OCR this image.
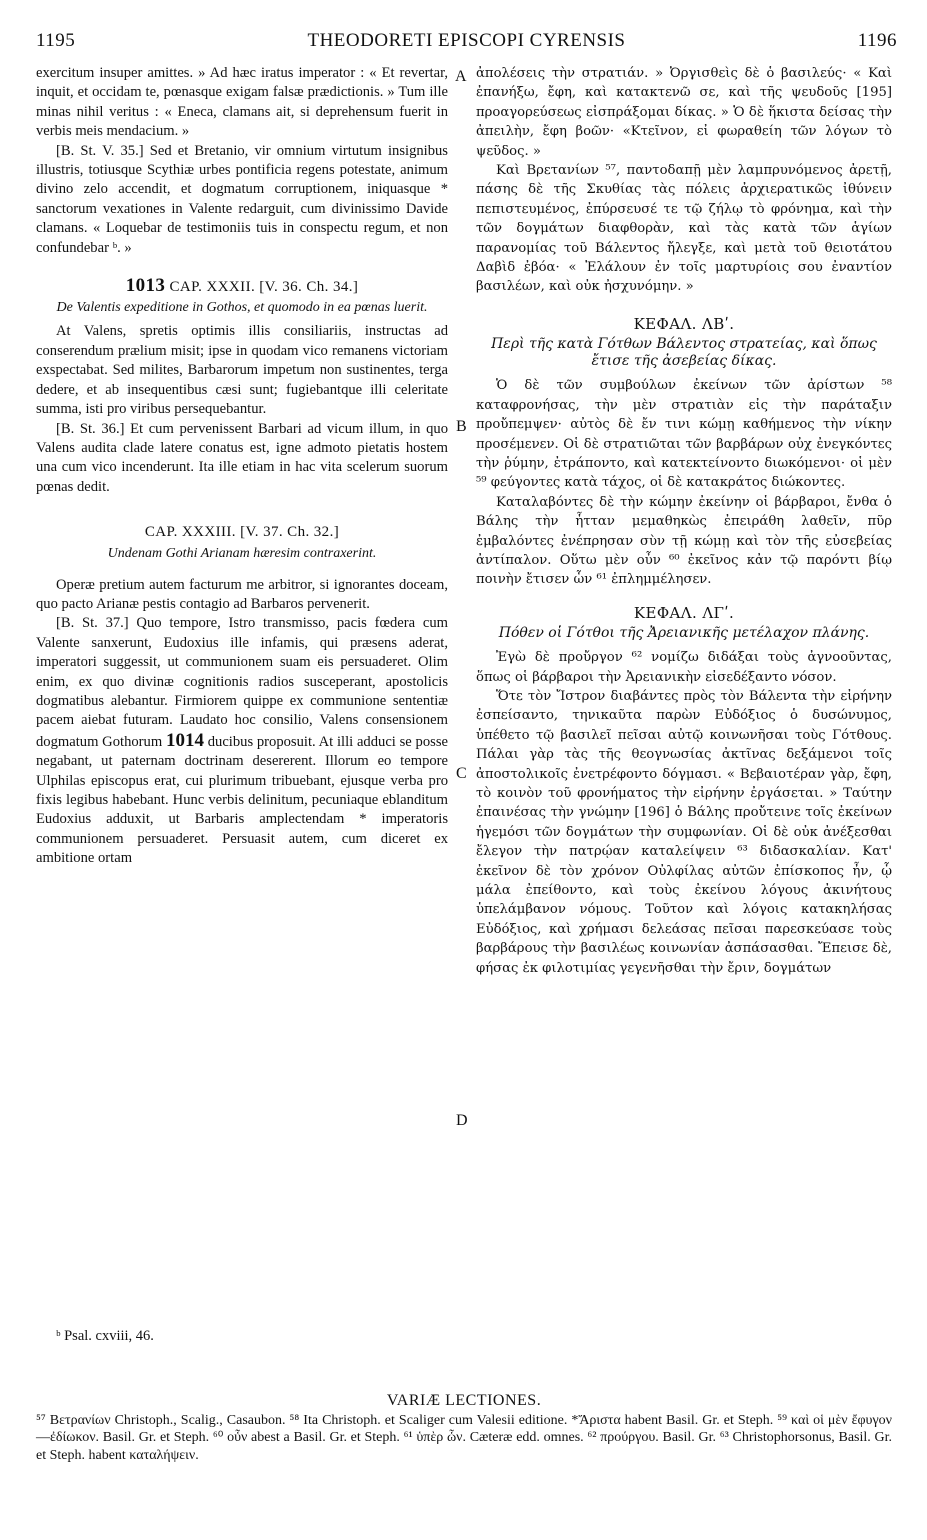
1195	THEODORETI EPISCOPI CYRENSIS	1196

exercitum insuper amittes. » Ad hæc iratus imperator : « Et revertar, inquit, et occidam te, pœnasque exigam falsæ prædictionis. » Tum ille minas nihil veritus : « Eneca, clamans ait, si deprehensum fuerit in verbis meis mendacium. »

[B. St. V. 35.] Sed et Bretanio, vir omnium virtutum insignibus illustris, totiusque Scythiæ urbes pontificia regens potestate, animum divino zelo accendit, et dogmatum corruptionem, iniquasque * sanctorum vexationes in Valente redarguit, cum divinissimo Davide clamans. « Loquebar de testimoniis tuis in conspectu regum, et non confundebar ᵇ. »

1013 CAP. XXXII. [V. 36. Ch. 34.]
De Valentis expeditione in Gothos, et quomodo in ea pœnas luerit.

At Valens, spretis optimis illis consiliariis, instructas ad conserendum prælium misit; ipse in quodam vico remanens victoriam exspectabat. Sed milites, Barbarorum impetum non sustinentes, terga dedere, et ab insequentibus cæsi sunt; fugiebantque illi celeritate summa, isti pro viribus persequebantur.

[B. St. 36.] Et cum pervenissent Barbari ad vicum illum, in quo Valens audita clade latere conatus est, igne admoto pietatis hostem una cum vico incenderunt. Ita ille etiam in hac vita scelerum suorum pœnas dedit.

CAP. XXXIII. [V. 37. Ch. 32.]
Undenam Gothi Arianam hæresim contraxerint.

Operæ pretium autem facturum me arbitror, si ignorantes doceam, quo pacto Arianæ pestis contagio ad Barbaros pervenerit.

[B. St. 37.] Quo tempore, Istro transmisso, pacis fœdera cum Valente sanxerunt, Eudoxius ille infamis, qui præsens aderat, imperatori suggessit, ut communionem suam eis persuaderet. Olim enim, ex quo divinæ cognitionis radios susceperant, apostolicis dogmatibus alebantur. Firmiorem quippe ex communione sententiæ pacem aiebat futuram. Laudato hoc consilio, Valens consensionem dogmatum Gothorum 1014 ducibus proposuit. At illi adduci se posse negabant, ut paternam doctrinam desererent. Illorum eo tempore Ulphilas episcopus erat, cui plurimum tribuebant, ejusque verba pro fixis legibus habebant. Hunc verbis delinitum, pecuniaque eblanditum Eudoxius adduxit, ut Barbaris amplectendam * imperatoris communionem persuaderet. Persuasit autem, cum diceret ex ambitione ortam

A
B
C
D

ἀπολέσεις τὴν στρατιάν. » Ὀργισθεὶς δὲ ὁ βασιλεύς· « Καὶ ἐπανήξω, ἔφη, καὶ κατακτενῶ σε, καὶ τῆς ψευδοῦς [195] προαγορεύσεως εἰσπράξομαι δίκας. » Ὁ δὲ ἥκιστα δείσας τὴν ἀπειλὴν, ἔφη βοῶν· «Κτεῖνον, εἰ φωραθείη τῶν λόγων τὸ ψεῦδος. »

Καὶ Βρετανίων ⁵⁷, παντοδαπῇ μὲν λαμπρυνόμενος ἀρετῇ, πάσης δὲ τῆς Σκυθίας τὰς πόλεις ἀρχιερατικῶς ἰθύνειν πεπιστευμένος, ἐπύρσευσέ τε τῷ ζήλῳ τὸ φρόνημα, καὶ τὴν τῶν δογμάτων διαφθορὰν, καὶ τὰς κατὰ τῶν ἁγίων παρανομίας τοῦ Βάλεντος ἤλεγξε, καὶ μετὰ τοῦ θειοτάτου Δαβὶδ ἐβόα· « Ἐλάλουν ἐν τοῖς μαρτυρίοις σου ἐναντίον βασιλέων, καὶ οὐκ ἠσχυνόμην. »

ΚΕΦΑΛ. ΛΒʹ.
Περὶ τῆς κατὰ Γότθων Βάλεντος στρατείας, καὶ ὅπως ἔτισε τῆς ἀσεβείας δίκας.

Ὁ δὲ τῶν συμβούλων ἐκείνων τῶν ἀρίστων ⁵⁸ καταφρονήσας, τὴν μὲν στρατιὰν εἰς τὴν παράταξιν προὔπεμψεν· αὐτὸς δὲ ἔν τινι κώμῃ καθήμενος τὴν νίκην προσέμενεν. Οἱ δὲ στρατιῶται τῶν βαρβάρων οὐχ ἐνεγκόντες τὴν ῥύμην, ἐτράποντο, καὶ κατεκτείνοντο διωκόμενοι· οἱ μὲν ⁵⁹ φεύγοντες κατὰ τάχος, οἱ δὲ κατακράτος διώκοντες.

Καταλαβόντες δὲ τὴν κώμην ἐκείνην οἱ βάρβαροι, ἔνθα ὁ Βάλης τὴν ἧτταν μεμαθηκὼς ἐπειράθη λαθεῖν, πῦρ ἐμβαλόντες ἐνέπρησαν σὺν τῇ κώμῃ καὶ τὸν τῆς εὐσεβείας ἀντίπαλον. Οὕτω μὲν οὖν ⁶⁰ ἐκεῖνος κἀν τῷ παρόντι βίῳ ποινὴν ἔτισεν ὧν ⁶¹ ἐπλημμέλησεν.

ΚΕΦΑΛ. ΛΓʹ.
Πόθεν οἱ Γότθοι τῆς Ἀρειανικῆς μετέλαχον πλάνης.

Ἐγὼ δὲ προὔργον ⁶² νομίζω διδάξαι τοὺς ἀγνοοῦντας, ὅπως οἱ βάρβαροι τὴν Ἀρειανικὴν εἰσεδέξαντο νόσον.

Ὅτε τὸν Ἴστρον διαβάντες πρὸς τὸν Βάλεντα τὴν εἰρήνην ἐσπείσαντο, τηνικαῦτα παρὼν Εὐδόξιος ὁ δυσώνυμος, ὑπέθετο τῷ βασιλεῖ πεῖσαι αὐτῷ κοινωνῆσαι τοὺς Γότθους. Πάλαι γὰρ τὰς τῆς θεογνωσίας ἀκτῖνας δεξάμενοι τοῖς ἀποστολικοῖς ἐνετρέφοντο δόγμασι. « Βεβαιοτέραν γὰρ, ἔφη, τὸ κοινὸν τοῦ φρονήματος τὴν εἰρήνην ἐργάσεται. » Ταύτην ἐπαινέσας τὴν γνώμην [196] ὁ Βάλης προὔτεινε τοῖς ἐκείνων ἡγεμόσι τῶν δογμάτων τὴν συμφωνίαν. Οἱ δὲ οὐκ ἀνέξεσθαι ἔλεγον τὴν πατρῴαν καταλείψειν ⁶³ διδασκαλίαν. Κατ' ἐκεῖνον δὲ τὸν χρόνον Οὐλφίλας αὐτῶν ἐπίσκοπος ἦν, ᾧ μάλα ἐπείθοντο, καὶ τοὺς ἐκείνου λόγους ἀκινήτους ὑπελάμβανον νόμους. Τοῦτον καὶ λόγοις κατακηλήσας Εὐδόξιος, καὶ χρήμασι δελεάσας πεῖσαι παρεσκεύασε τοὺς βαρβάρους τὴν βασιλέως κοινωνίαν ἀσπάσασθαι. Ἔπεισε δὲ, φήσας ἐκ φιλοτιμίας γεγενῆσθαι τὴν ἔριν, δογμάτων

ᵇ Psal. cxviii, 46.
VARIÆ LECTIONES.
⁵⁷ Βετρανίων Christoph., Scalig., Casaubon. ⁵⁸ Ita Christoph. et Scaliger cum Valesii editione. *Ἄριστα habent Basil. Gr. et Steph. ⁵⁹ καὶ οἱ μὲν ἔφυγον—ἐδίωκον. Basil. Gr. et Steph. ⁶⁰ οὖν abest a Basil. Gr. et Steph. ⁶¹ ὑπὲρ ὧν. Cæteræ edd. omnes. ⁶² προύργου. Basil. Gr. ⁶³ Christophorsonus, Basil. Gr. et Steph. habent καταλήψειν.
